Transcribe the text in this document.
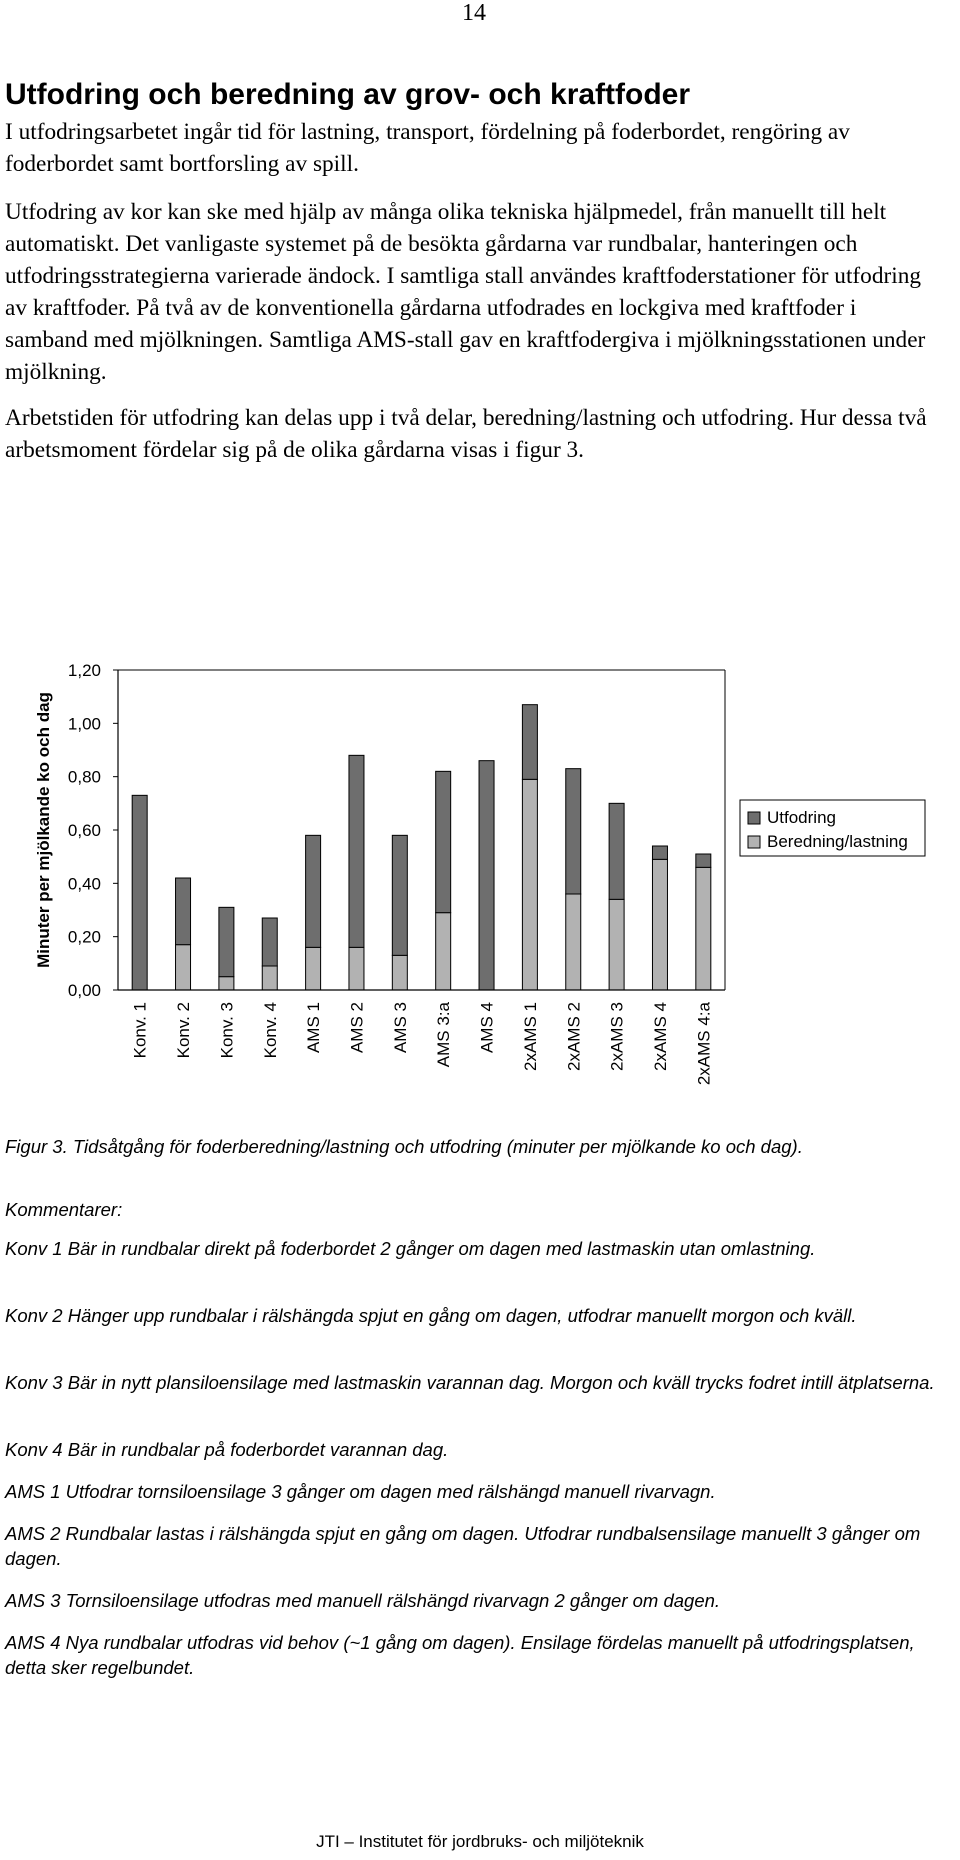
14
Utfodring och beredning av grov- och kraftfoder

I utfodringsarbetet ingår tid för lastning, transport, fördelning på foderbordet, rengöring av foderbordet samt bortforsling av spill.

Utfodring av kor kan ske med hjälp av många olika tekniska hjälpmedel, från manuellt till helt automatiskt. Det vanligaste systemet på de besökta gårdarna var rundbalar, hanteringen och utfodringsstrategierna varierade ändock. I samtliga stall användes kraftfoderstationer för utfodring av kraftfoder. På två av de konventionella gårdarna utfodrades en lockgiva med kraftfoder i samband med mjölkningen. Samtliga AMS-stall gav en kraftfodergiva i mjölkningsstationen under mjölkning.

Arbetstiden för utfodring kan delas upp i två delar, beredning/lastning och utfodring. Hur dessa två arbetsmoment fördelar sig på de olika gårdarna visas i figur 3.

Minuter per mjölkande ko och dag
0,00
0,20
0,40
0,60
0,80
1,00
1,20
Konv. 1 Konv. 2 Konv. 3 Konv. 4 AMS 1 AMS 2 AMS 3 AMS 3:a AMS 4 2xAMS 1 2xAMS 2 2xAMS 3 2xAMS 4 2xAMS 4:a
Utfodring
Beredning/lastning

Figur 3. Tidsåtgång för foderberedning/lastning och utfodring (minuter per mjölkande ko och dag).

Kommentarer:

Konv 1 Bär in rundbalar direkt på foderbordet 2 gånger om dagen med lastmaskin utan omlastning.

Konv 2 Hänger upp rundbalar i rälshängda spjut en gång om dagen, utfodrar manuellt morgon och kväll.

Konv 3 Bär in nytt plansiloensilage med lastmaskin varannan dag. Morgon och kväll trycks fodret intill ätplatserna.

Konv 4 Bär in rundbalar på foderbordet varannan dag.

AMS 1 Utfodrar tornsiloensilage 3 gånger om dagen med rälshängd manuell rivarvagn.

AMS 2 Rundbalar lastas i rälshängda spjut en gång om dagen. Utfodrar rundbalsensilage manuellt 3 gånger om dagen.

AMS 3 Tornsiloensilage utfodras med manuell rälshängd rivarvagn 2 gånger om dagen.

AMS 4 Nya rundbalar utfodras vid behov (~1 gång om dagen). Ensilage fördelas manuellt på utfodringsplatsen, detta sker regelbundet.

JTI – Institutet för jordbruks- och miljöteknik
